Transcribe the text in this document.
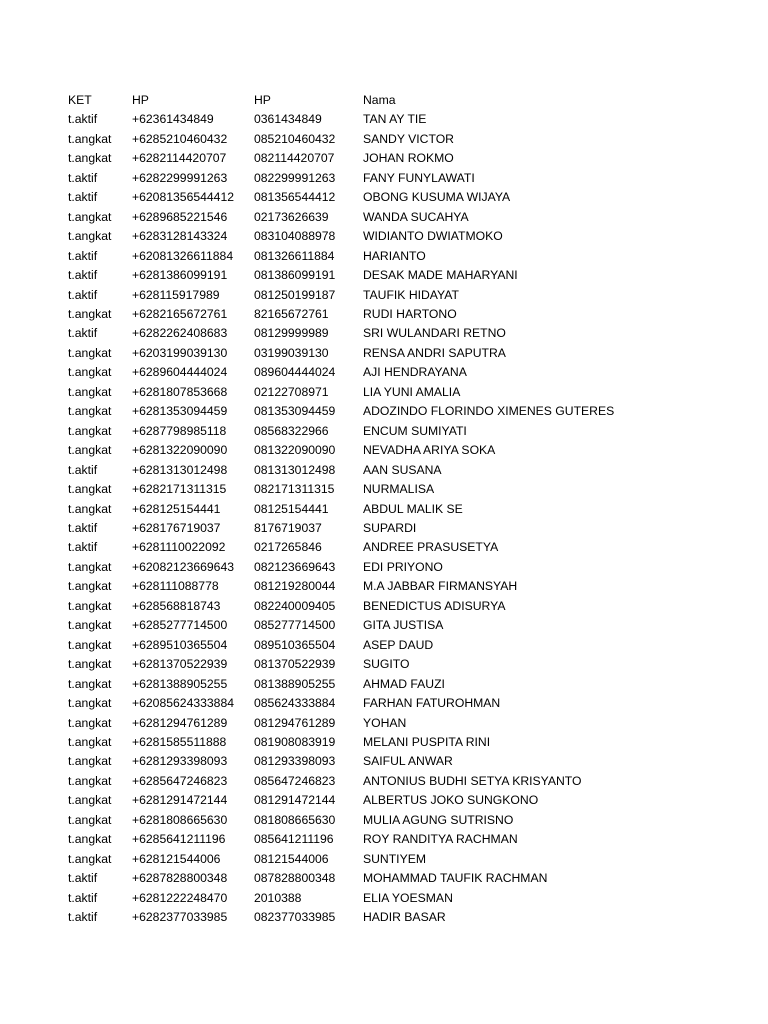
KET	HP	HP	Nama
t.aktif	+62361434849	0361434849	TAN AY TIE
t.angkat	+6285210460432	085210460432	SANDY VICTOR
t.angkat	+6282114420707	082114420707	JOHAN ROKMO
t.aktif	+6282299991263	082299991263	FANY FUNYLAWATI
t.aktif	+62081356544412	081356544412	OBONG KUSUMA WIJAYA
t.angkat	+6289685221546	02173626639	WANDA SUCAHYA
t.angkat	+6283128143324	083104088978	WIDIANTO DWIATMOKO
t.aktif	+62081326611884	081326611884	HARIANTO
t.aktif	+6281386099191	081386099191	DESAK MADE MAHARYANI
t.aktif	+628115917989	081250199187	TAUFIK HIDAYAT
t.angkat	+6282165672761	82165672761	RUDI HARTONO
t.aktif	+6282262408683	08129999989	SRI WULANDARI RETNO
t.angkat	+6203199039130	03199039130	RENSA ANDRI SAPUTRA
t.angkat	+6289604444024	089604444024	AJI HENDRAYANA
t.angkat	+6281807853668	02122708971	LIA YUNI AMALIA
t.angkat	+6281353094459	081353094459	ADOZINDO FLORINDO XIMENES GUTERES
t.angkat	+6287798985118	08568322966	ENCUM SUMIYATI
t.angkat	+6281322090090	081322090090	NEVADHA ARIYA SOKA
t.aktif	+6281313012498	081313012498	AAN SUSANA
t.angkat	+6282171311315	082171311315	NURMALISA
t.angkat	+628125154441	08125154441	ABDUL MALIK SE
t.aktif	+628176719037	8176719037	SUPARDI
t.aktif	+6281110022092	0217265846	ANDREE PRASUSETYA
t.angkat	+62082123669643	082123669643	EDI PRIYONO
t.angkat	+628111088778	081219280044	M.A JABBAR FIRMANSYAH
t.angkat	+628568818743	082240009405	BENEDICTUS ADISURYA
t.angkat	+6285277714500	085277714500	GITA JUSTISA
t.angkat	+6289510365504	089510365504	ASEP DAUD
t.angkat	+6281370522939	081370522939	SUGITO
t.angkat	+6281388905255	081388905255	AHMAD FAUZI
t.angkat	+62085624333884	085624333884	FARHAN FATUROHMAN
t.angkat	+6281294761289	081294761289	YOHAN
t.angkat	+6281585511888	081908083919	MELANI PUSPITA RINI
t.angkat	+6281293398093	081293398093	SAIFUL ANWAR
t.angkat	+6285647246823	085647246823	ANTONIUS BUDHI SETYA KRISYANTO
t.angkat	+6281291472144	081291472144	ALBERTUS JOKO SUNGKONO
t.angkat	+6281808665630	081808665630	MULIA AGUNG SUTRISNO
t.angkat	+6285641211196	085641211196	ROY RANDITYA RACHMAN
t.angkat	+628121544006	08121544006	SUNTIYEM
t.aktif	+6287828800348	087828800348	MOHAMMAD TAUFIK RACHMAN
t.aktif	+6281222248470	2010388	ELIA YOESMAN
t.aktif	+6282377033985	082377033985	HADIR BASAR
